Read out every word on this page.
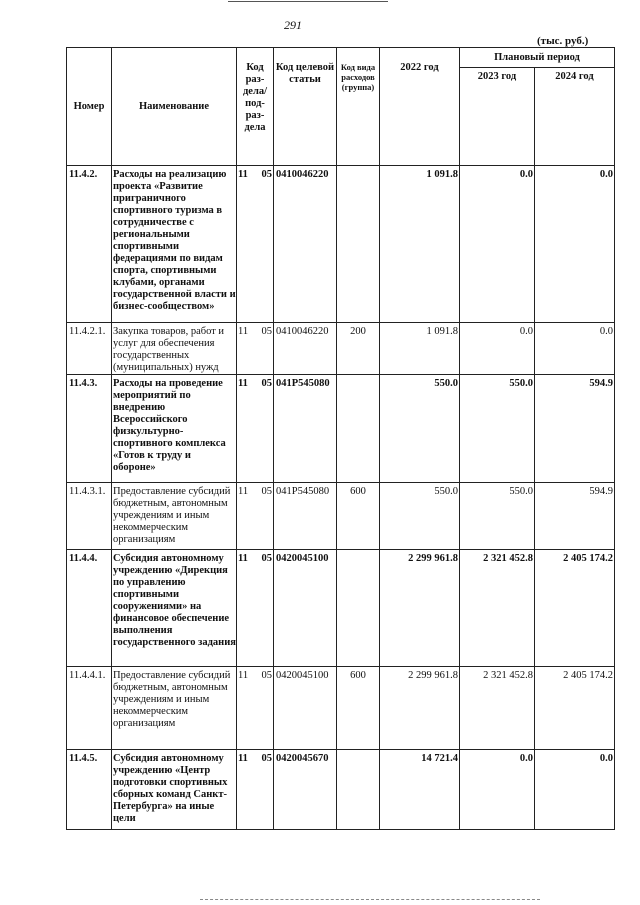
291
(тыс. руб.)
Номер	Наименование	Код раз-дела/ под-раз-дела	Код целевой статьи	Код вида расходов (группа)	2022 год	Плановый период	
						2023 год	2024 год
11.4.2.	Расходы на реализацию проекта «Развитие приграничного спортивного туризма в сотрудничестве с региональными спортивными федерациями по видам спорта, спортивными клубами, органами государственной власти и бизнес-сообществом»	11 05	0410046220		1 091.8	0.0	0.0
11.4.2.1.	Закупка товаров, работ и услуг для обеспечения государственных (муниципальных) нужд	11 05	0410046220	200	1 091.8	0.0	0.0
11.4.3.	Расходы на проведение мероприятий по внедрению Всероссийского физкультурно-спортивного комплекса «Готов к труду и обороне»	11 05	041Р545080		550.0	550.0	594.9
11.4.3.1.	Предоставление субсидий бюджетным, автономным учреждениям и иным некоммерческим организациям	11 05	041Р545080	600	550.0	550.0	594.9
11.4.4.	Субсидия автономному учреждению «Дирекция по управлению спортивными сооружениями» на финансовое обеспечение выполнения государственного задания	11 05	0420045100		2 299 961.8	2 321 452.8	2 405 174.2
11.4.4.1.	Предоставление субсидий бюджетным, автономным учреждениям и иным некоммерческим организациям	11 05	0420045100	600	2 299 961.8	2 321 452.8	2 405 174.2
11.4.5.	Субсидия автономному учреждению «Центр подготовки спортивных сборных команд Санкт-Петербурга» на иные цели	11 05	0420045670		14 721.4	0.0	0.0
